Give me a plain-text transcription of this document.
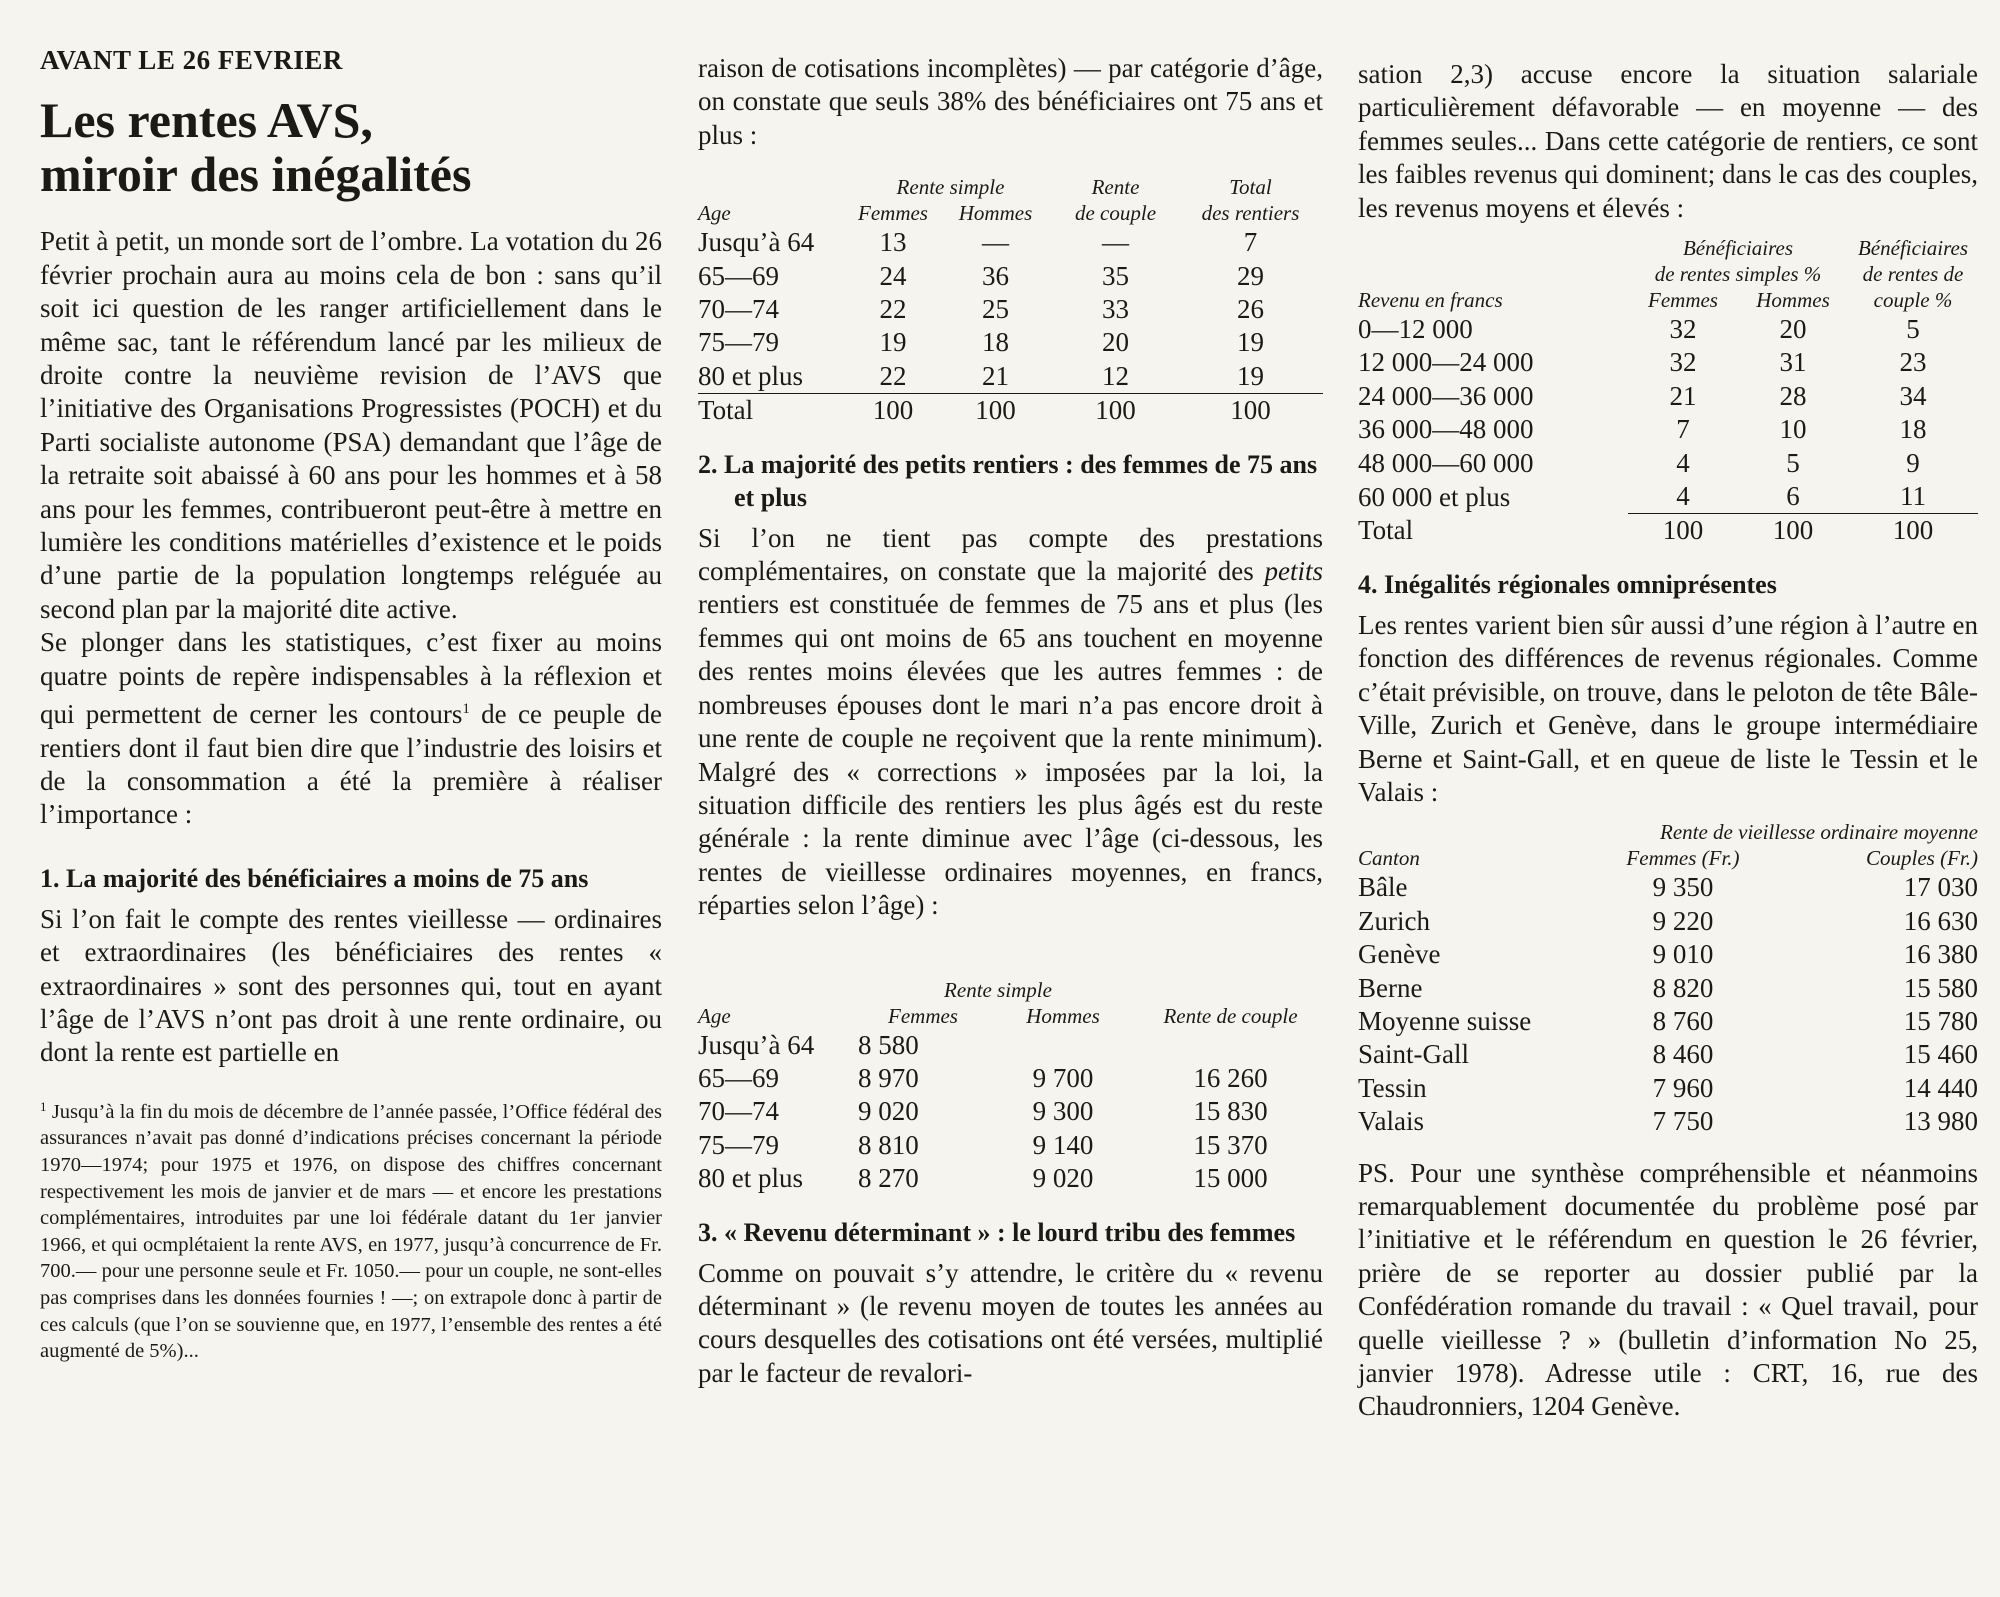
AVANT LE 26 FEVRIER
Les rentes AVS,
miroir des inégalités

Petit à petit, un monde sort de l’ombre. La votation du 26 février prochain aura au moins cela de bon : sans qu’il soit ici question de les ranger artificiellement dans le même sac, tant le référendum lancé par les milieux de droite contre la neuvième revision de l’AVS que l’initiative des Organisations Progressistes (POCH) et du Parti socialiste autonome (PSA) demandant que l’âge de la retraite soit abaissé à 60 ans pour les hommes et à 58 ans pour les femmes, contribueront peut-être à mettre en lumière les conditions matérielles d’existence et le poids d’une partie de la population longtemps reléguée au second plan par la majorité dite active.

Se plonger dans les statistiques, c’est fixer au moins quatre points de repère indispensables à la réflexion et qui permettent de cerner les contours$^1$ de ce peuple de rentiers dont il faut bien dire que l’industrie des loisirs et de la consommation a été la première à réaliser l’importance :

1. La majorité des bénéficiaires a moins de 75 ans

Si l’on fait le compte des rentes vieillesse — ordinaires et extraordinaires (les bénéficiaires des rentes « extraordinaires » sont des personnes qui, tout en ayant l’âge de l’AVS n’ont pas droit à une rente ordinaire, ou dont la rente est partielle en

$^1$ Jusqu’à la fin du mois de décembre de l’année passée, l’Office fédéral des assurances n’avait pas donné d’indications précises concernant la période 1970—1974; pour 1975 et 1976, on dispose des chiffres concernant respectivement les mois de janvier et de mars — et encore les prestations complémentaires, introduites par une loi fédérale datant du 1er janvier 1966, et qui ocmplétaient la rente AVS, en 1977, jusqu’à concurrence de Fr. 700.— pour une personne seule et Fr. 1050.— pour un couple, ne sont-elles pas comprises dans les données fournies ! —; on extrapole donc à partir de ces calculs (que l’on se souvienne que, en 1977, l’ensemble des rentes a été augmenté de 5%)...

raison de cotisations incomplètes) — par catégorie d’âge, on constate que seuls 38% des bénéficiaires ont 75 ans et plus :

	Rente simple		Rente	Total
Age	Femmes	Hommes	de couple	des rentiers
Jusqu’à 64	13	—	—	7
65—69	24	36	35	29
70—74	22	25	33	26
75—79	19	18	20	19
80 et plus	22	21	12	19
Total	100	100	100	100
2. La majorité des petits rentiers : des femmes de 75 ans et plus

Si l’on ne tient pas compte des prestations complémentaires, on constate que la majorité des petits rentiers est constituée de femmes de 75 ans et plus (les femmes qui ont moins de 65 ans touchent en moyenne des rentes moins élevées que les autres femmes : de nombreuses épouses dont le mari n’a pas encore droit à une rente de couple ne reçoivent que la rente minimum). Malgré des « corrections » imposées par la loi, la situation difficile des rentiers les plus âgés est du reste générale : la rente diminue avec l’âge (ci-dessous, les rentes de vieillesse ordinaires moyennes, en francs, réparties selon l’âge) :

	Rente simple		
Age	Femmes	Hommes	Rente de couple
Jusqu’à 64	8 580		
65—69	8 970	9 700	16 260
70—74	9 020	9 300	15 830
75—79	8 810	9 140	15 370
80 et plus	8 270	9 020	15 000
3. « Revenu déterminant » : le lourd tribu des femmes

Comme on pouvait s’y attendre, le critère du « revenu déterminant » (le revenu moyen de toutes les années au cours desquelles des cotisations ont été versées, multiplié par le facteur de revalori-

sation 2,3) accuse encore la situation salariale particulièrement défavorable — en moyenne — des femmes seules... Dans cette catégorie de rentiers, ce sont les faibles revenus qui dominent; dans le cas des couples, les revenus moyens et élevés :

	Bénéficiaires		Bénéficiaires
	de rentes simples %		de rentes de
Revenu en francs	Femmes	Hommes	couple %
0—12 000	32	20	5
12 000—24 000	32	31	23
24 000—36 000	21	28	34
36 000—48 000	7	10	18
48 000—60 000	4	5	9
60 000 et plus	4	6	11
Total	100	100	100
4. Inégalités régionales omniprésentes

Les rentes varient bien sûr aussi d’une région à l’autre en fonction des différences de revenus régionales. Comme c’était prévisible, on trouve, dans le peloton de tête Bâle-Ville, Zurich et Genève, dans le groupe intermédiaire Berne et Saint-Gall, et en queue de liste le Tessin et le Valais :

	Rente de vieillesse ordinaire moyenne	
Canton	Femmes (Fr.)	Couples (Fr.)
Bâle	9 350	17 030
Zurich	9 220	16 630
Genève	9 010	16 380
Berne	8 820	15 580
Moyenne suisse	8 760	15 780
Saint-Gall	8 460	15 460
Tessin	7 960	14 440
Valais	7 750	13 980

PS. Pour une synthèse compréhensible et néanmoins remarquablement documentée du problème posé par l’initiative et le référendum en question le 26 février, prière de se reporter au dossier publié par la Confédération romande du travail : « Quel travail, pour quelle vieillesse ? » (bulletin d’information No 25, janvier 1978). Adresse utile : CRT, 16, rue des Chaudronniers, 1204 Genève.
